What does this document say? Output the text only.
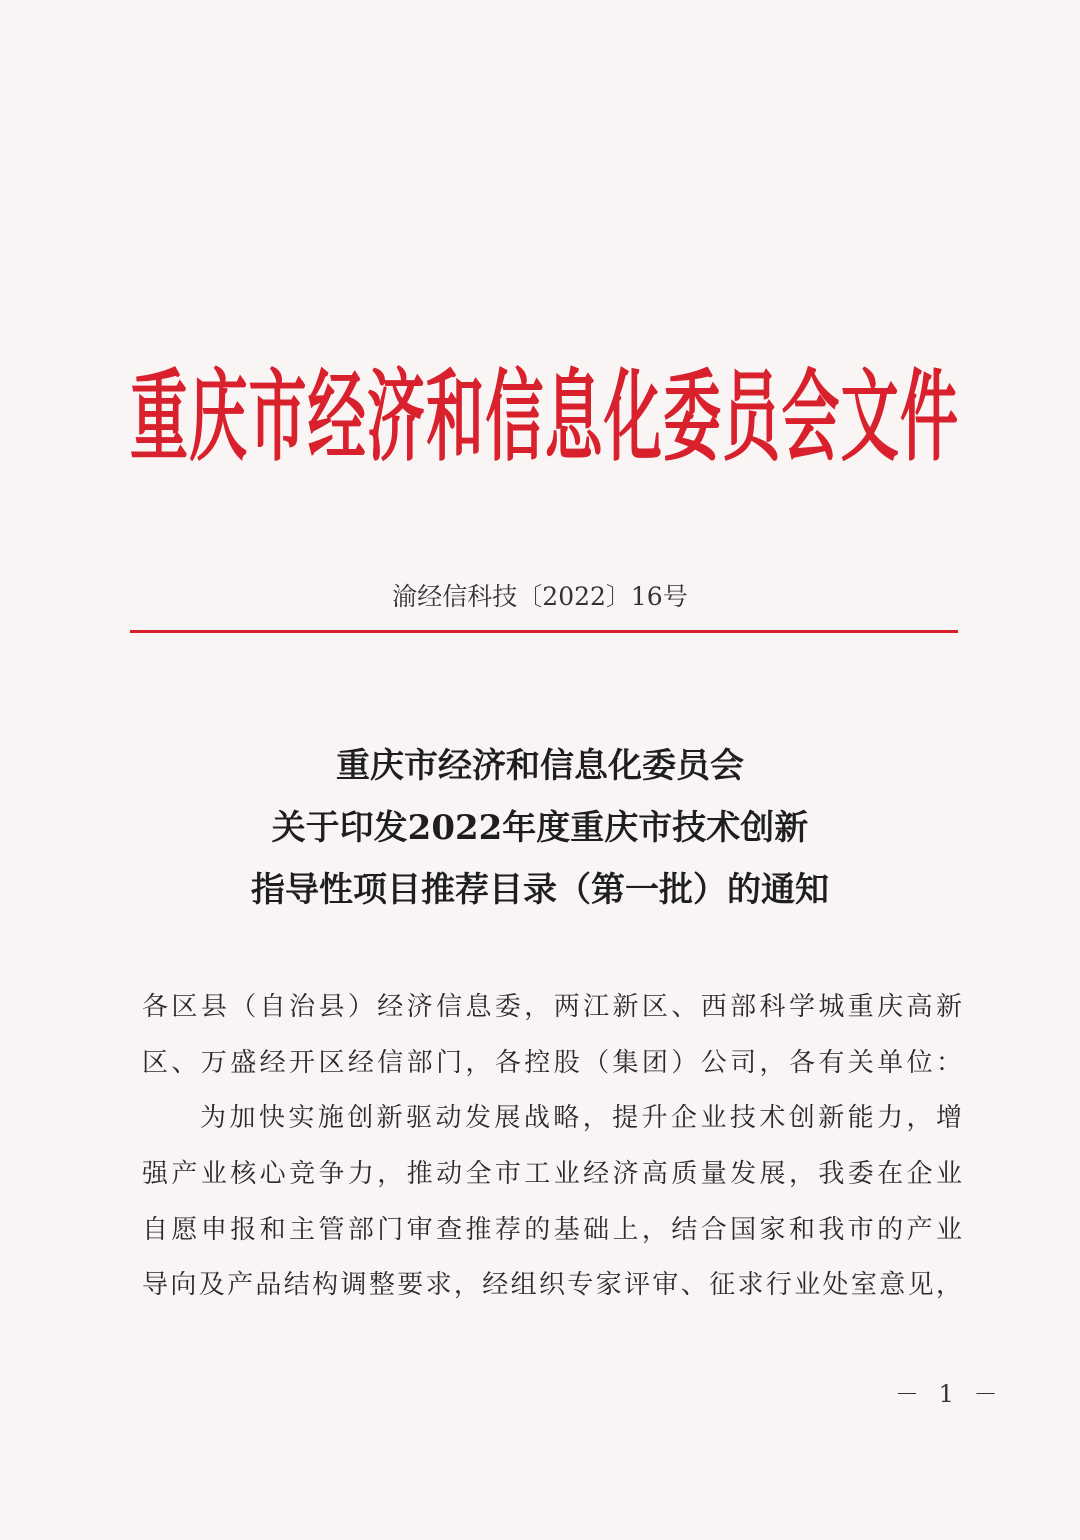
重庆市经济和信息化委员会文件
渝经信科技〔2022〕16号
重庆市经济和信息化委员会
关于印发2022年度重庆市技术创新
指导性项目推荐目录（第一批）的通知
各区县（自治县）经济信息委，两江新区、西部科学城重庆高新
区、万盛经开区经信部门，各控股（集团）公司，各有关单位：
为加快实施创新驱动发展战略，提升企业技术创新能力，增
强产业核心竞争力，推动全市工业经济高质量发展，我委在企业
自愿申报和主管部门审查推荐的基础上，结合国家和我市的产业
导向及产品结构调整要求，经组织专家评审、征求行业处室意见，
－ 1 －
